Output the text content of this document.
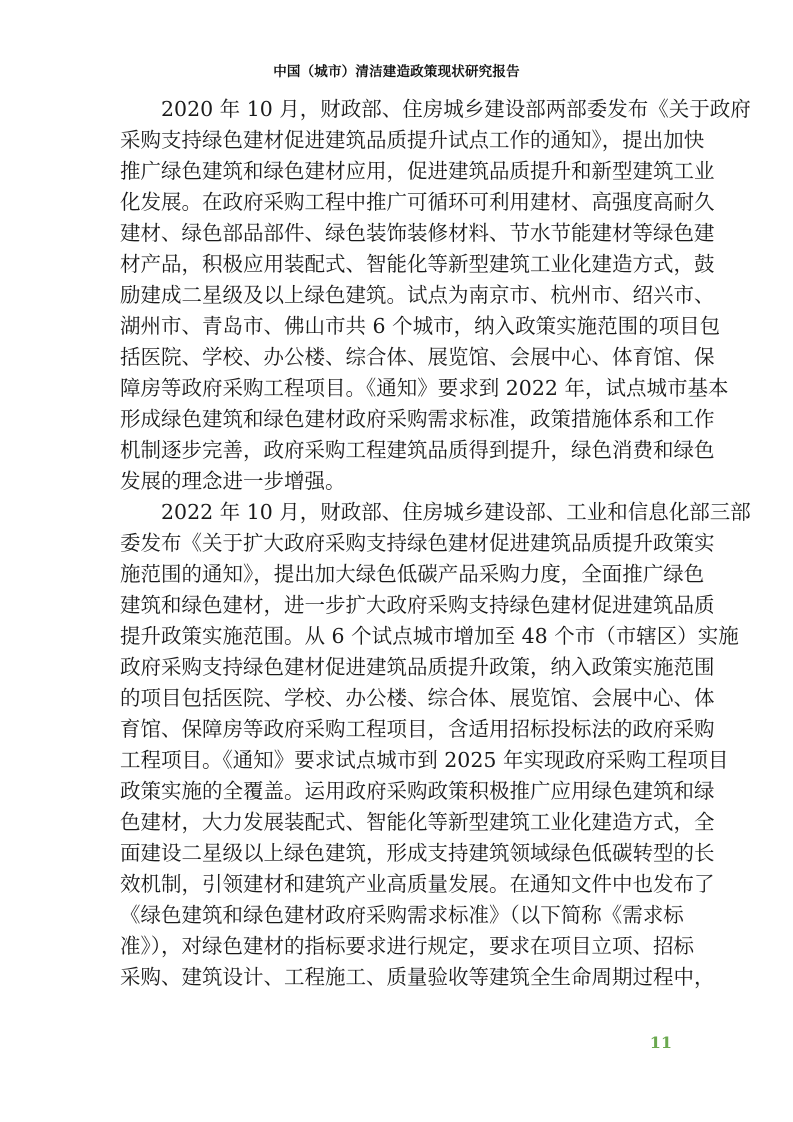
中国（城市）清洁建造政策现状研究报告
2020 年 10 月，财政部、住房城乡建设部两部委发布《关于政府
采购支持绿色建材促进建筑品质提升试点工作的通知》，提出加快
推广绿色建筑和绿色建材应用，促进建筑品质提升和新型建筑工业
化发展。在政府采购工程中推广可循环可利用建材、高强度高耐久
建材、绿色部品部件、绿色装饰装修材料、节水节能建材等绿色建
材产品，积极应用装配式、智能化等新型建筑工业化建造方式，鼓
励建成二星级及以上绿色建筑。试点为南京市、杭州市、绍兴市、
湖州市、青岛市、佛山市共 6 个城市，纳入政策实施范围的项目包
括医院、学校、办公楼、综合体、展览馆、会展中心、体育馆、保
障房等政府采购工程项目。《通知》要求到 2022 年，试点城市基本
形成绿色建筑和绿色建材政府采购需求标准，政策措施体系和工作
机制逐步完善，政府采购工程建筑品质得到提升，绿色消费和绿色
发展的理念进一步增强。
2022 年 10 月，财政部、住房城乡建设部、工业和信息化部三部
委发布《关于扩大政府采购支持绿色建材促进建筑品质提升政策实
施范围的通知》，提出加大绿色低碳产品采购力度，全面推广绿色
建筑和绿色建材，进一步扩大政府采购支持绿色建材促进建筑品质
提升政策实施范围。从 6 个试点城市增加至 48 个市（市辖区）实施
政府采购支持绿色建材促进建筑品质提升政策，纳入政策实施范围
的项目包括医院、学校、办公楼、综合体、展览馆、会展中心、体
育馆、保障房等政府采购工程项目，含适用招标投标法的政府采购
工程项目。《通知》要求试点城市到 2025 年实现政府采购工程项目
政策实施的全覆盖。运用政府采购政策积极推广应用绿色建筑和绿
色建材，大力发展装配式、智能化等新型建筑工业化建造方式，全
面建设二星级以上绿色建筑，形成支持建筑领域绿色低碳转型的长
效机制，引领建材和建筑产业高质量发展。在通知文件中也发布了
《绿色建筑和绿色建材政府采购需求标准》（以下简称《需求标
准》），对绿色建材的指标要求进行规定，要求在项目立项、招标
采购、建筑设计、工程施工、质量验收等建筑全生命周期过程中，
11
